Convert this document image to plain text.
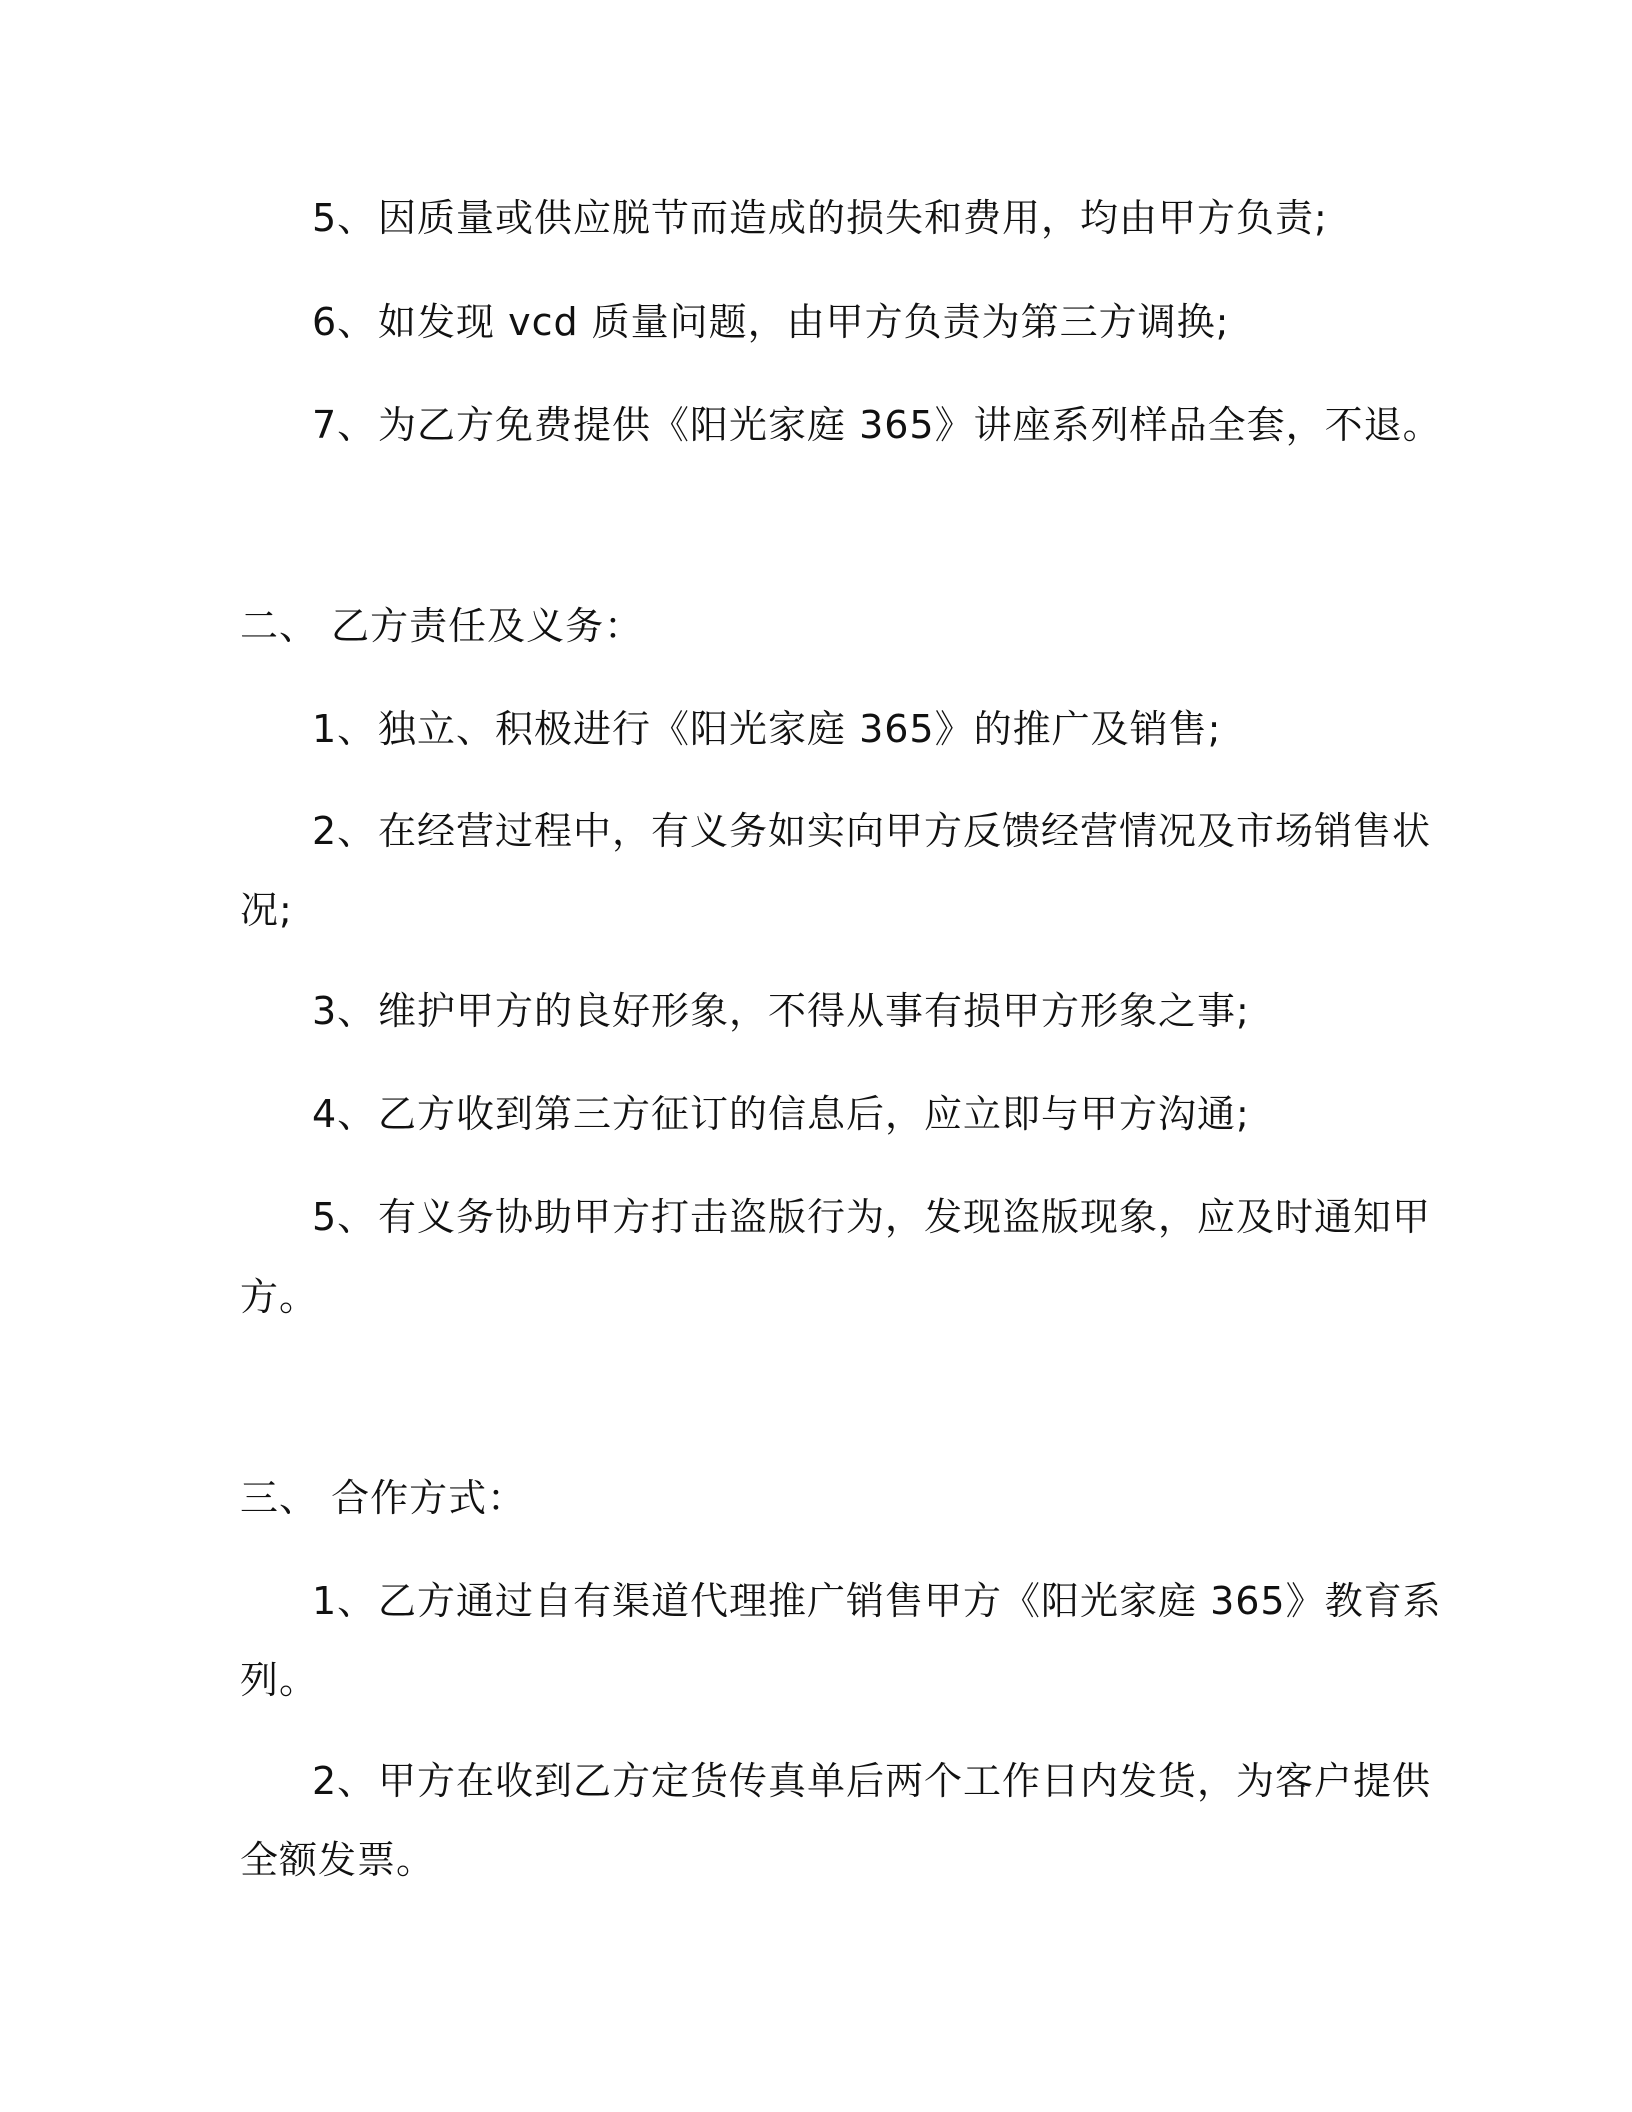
5、因质量或供应脱节而造成的损失和费用，均由甲方负责;
6、如发现 vcd 质量问题，由甲方负责为第三方调换;
7、为乙方免费提供《阳光家庭 365》讲座系列样品全套，不退。
二、 乙方责任及义务：
1、独立、积极进行《阳光家庭 365》的推广及销售;
2、在经营过程中，有义务如实向甲方反馈经营情况及市场销售状
况;
3、维护甲方的良好形象，不得从事有损甲方形象之事;
4、乙方收到第三方征订的信息后，应立即与甲方沟通;
5、有义务协助甲方打击盗版行为，发现盗版现象，应及时通知甲
方。
三、 合作方式：
1、乙方通过自有渠道代理推广销售甲方《阳光家庭 365》教育系
列。
2、甲方在收到乙方定货传真单后两个工作日内发货，为客户提供
全额发票。
